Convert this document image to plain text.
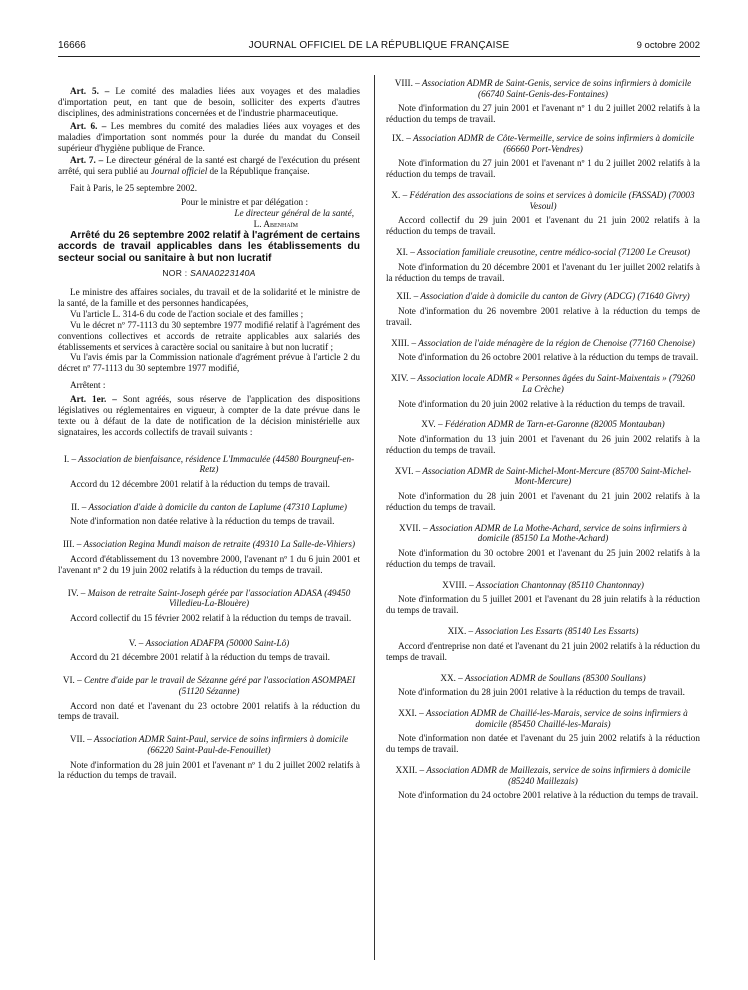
16666	JOURNAL OFFICIEL DE LA RÉPUBLIQUE FRANÇAISE	9 octobre 2002

Art. 5. – Le comité des maladies liées aux voyages et des maladies d'importation peut, en tant que de besoin, solliciter des experts d'autres disciplines, des administrations concernées et de l'industrie pharmaceutique.

Art. 6. – Les membres du comité des maladies liées aux voyages et des maladies d'importation sont nommés pour la durée du mandat du Conseil supérieur d'hygiène publique de France.

Art. 7. – Le directeur général de la santé est chargé de l'exécution du présent arrêté, qui sera publié au Journal officiel de la République française.

Fait à Paris, le 25 septembre 2002.

Pour le ministre et par délégation :

Le directeur général de la santé,

L. Abenhaïm

Arrêté du 26 septembre 2002 relatif à l'agrément de certains accords de travail applicables dans les établissements du secteur social ou sanitaire à but non lucratif

NOR : SANA0223140A

Le ministre des affaires sociales, du travail et de la solidarité et le ministre de la santé, de la famille et des personnes handicapées,

Vu l'article L. 314-6 du code de l'action sociale et des familles ;

Vu le décret nº 77-1113 du 30 septembre 1977 modifié relatif à l'agrément des conventions collectives et accords de retraite applicables aux salariés des établissements et services à caractère social ou sanitaire à but non lucratif ;

Vu l'avis émis par la Commission nationale d'agrément prévue à l'article 2 du décret nº 77-1113 du 30 septembre 1977 modifié,

Arrêtent :

Art. 1er. – Sont agréés, sous réserve de l'application des dispositions législatives ou réglementaires en vigueur, à compter de la date prévue dans le texte ou à défaut de la date de notification de la décision ministérielle aux signataires, les accords collectifs de travail suivants :

I. – Association de bienfaisance, résidence L'Immaculée (44580 Bourgneuf-en-Retz)

Accord du 12 décembre 2001 relatif à la réduction du temps de travail.

II. – Association d'aide à domicile du canton de Laplume (47310 Laplume)

Note d'information non datée relative à la réduction du temps de travail.

III. – Association Regina Mundi maison de retraite (49310 La Salle-de-Vihiers)

Accord d'établissement du 13 novembre 2000, l'avenant nº 1 du 6 juin 2001 et l'avenant nº 2 du 19 juin 2002 relatifs à la réduction du temps de travail.

IV. – Maison de retraite Saint-Joseph gérée par l'association ADASA (49450 Villedieu-La-Blouère)

Accord collectif du 15 février 2002 relatif à la réduction du temps de travail.

V. – Association ADAFPA (50000 Saint-Lô)

Accord du 21 décembre 2001 relatif à la réduction du temps de travail.

VI. – Centre d'aide par le travail de Sézanne géré par l'association ASOMPAEI (51120 Sézanne)

Accord non daté et l'avenant du 23 octobre 2001 relatifs à la réduction du temps de travail.

VII. – Association ADMR Saint-Paul, service de soins infirmiers à domicile (66220 Saint-Paul-de-Fenouillet)

Note d'information du 28 juin 2001 et l'avenant nº 1 du 2 juillet 2002 relatifs à la réduction du temps de travail.

VIII. – Association ADMR de Saint-Genis, service de soins infirmiers à domicile (66740 Saint-Genis-des-Fontaines)

Note d'information du 27 juin 2001 et l'avenant nº 1 du 2 juillet 2002 relatifs à la réduction du temps de travail.

IX. – Association ADMR de Côte-Vermeille, service de soins infirmiers à domicile (66660 Port-Vendres)

Note d'information du 27 juin 2001 et l'avenant nº 1 du 2 juillet 2002 relatifs à la réduction du temps de travail.

X. – Fédération des associations de soins et services à domicile (FASSAD) (70003 Vesoul)

Accord collectif du 29 juin 2001 et l'avenant du 21 juin 2002 relatifs à la réduction du temps de travail.

XI. – Association familiale creusotine, centre médico-social (71200 Le Creusot)

Note d'information du 20 décembre 2001 et l'avenant du 1er juillet 2002 relatifs à la réduction du temps de travail.

XII. – Association d'aide à domicile du canton de Givry (ADCG) (71640 Givry)

Note d'information du 26 novembre 2001 relative à la réduction du temps de travail.

XIII. – Association de l'aide ménagère de la région de Chenoise (77160 Chenoise)

Note d'information du 26 octobre 2001 relative à la réduction du temps de travail.

XIV. – Association locale ADMR « Personnes âgées du Saint-Maixentais » (79260 La Crèche)

Note d'information du 20 juin 2002 relative à la réduction du temps de travail.

XV. – Fédération ADMR de Tarn-et-Garonne (82005 Montauban)

Note d'information du 13 juin 2001 et l'avenant du 26 juin 2002 relatifs à la réduction du temps de travail.

XVI. – Association ADMR de Saint-Michel-Mont-Mercure (85700 Saint-Michel-Mont-Mercure)

Note d'information du 28 juin 2001 et l'avenant du 21 juin 2002 relatifs à la réduction du temps de travail.

XVII. – Association ADMR de La Mothe-Achard, service de soins infirmiers à domicile (85150 La Mothe-Achard)

Note d'information du 30 octobre 2001 et l'avenant du 25 juin 2002 relatifs à la réduction du temps de travail.

XVIII. – Association Chantonnay (85110 Chantonnay)

Note d'information du 5 juillet 2001 et l'avenant du 28 juin relatifs à la réduction du temps de travail.

XIX. – Association Les Essarts (85140 Les Essarts)

Accord d'entreprise non daté et l'avenant du 21 juin 2002 relatifs à la réduction du temps de travail.

XX. – Association ADMR de Soullans (85300 Soullans)

Note d'information du 28 juin 2001 relative à la réduction du temps de travail.

XXI. – Association ADMR de Chaillé-les-Marais, service de soins infirmiers à domicile (85450 Chaillé-les-Marais)

Note d'information non datée et l'avenant du 25 juin 2002 relatifs à la réduction du temps de travail.

XXII. – Association ADMR de Maillezais, service de soins infirmiers à domicile (85240 Maillezais)

Note d'information du 24 octobre 2001 relative à la réduction du temps de travail.
